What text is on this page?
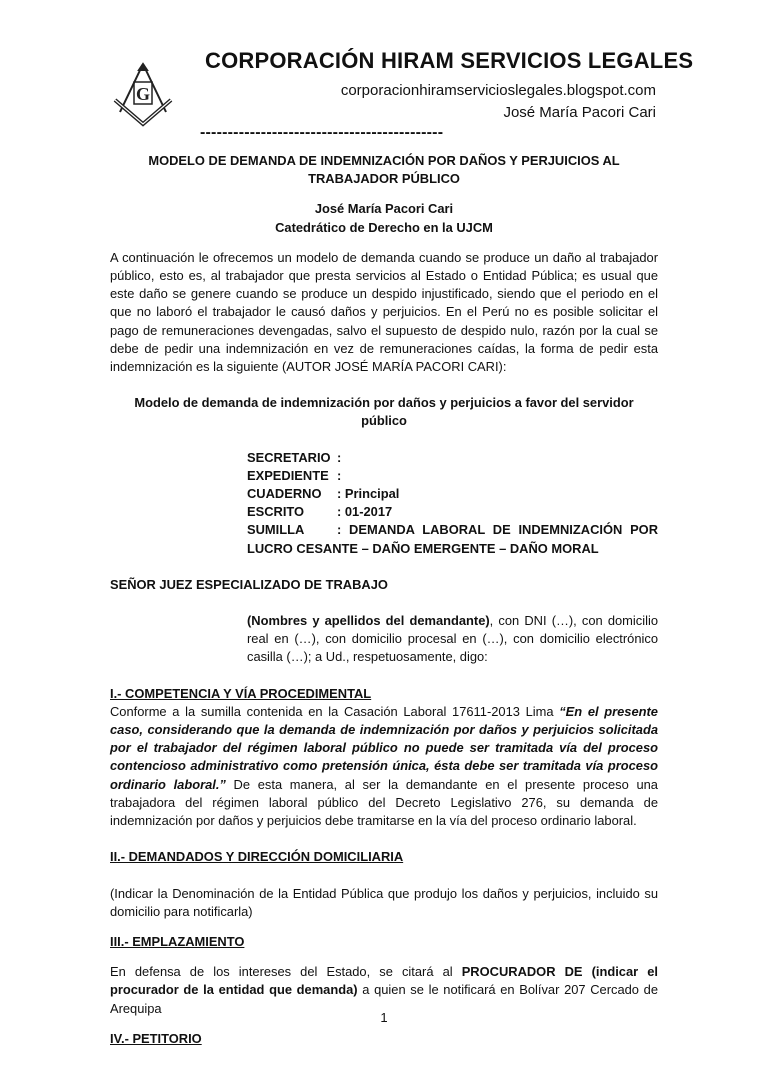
G
CORPORACIÓN HIRAM SERVICIOS LEGALES
corporacionhiramservicioslegales.blogspot.com
José María Pacori Cari
--------------------------------------------
MODELO DE DEMANDA DE INDEMNIZACIÓN POR DAÑOS Y PERJUICIOS AL TRABAJADOR PÚBLICO
José María Pacori Cari
Catedrático de Derecho en la UJCM
A continuación le ofrecemos un modelo de demanda cuando se produce un daño al trabajador público, esto es, al trabajador que presta servicios al Estado o Entidad Pública; es usual que este daño se genere cuando se produce un despido injustificado, siendo que el periodo en el que no laboró el trabajador le causó daños y perjuicios. En el Perú no es posible solicitar el pago de remuneraciones devengadas, salvo el supuesto de despido nulo, razón por la cual se debe de pedir una indemnización en vez de remuneraciones caídas, la forma de pedir esta indemnización es la siguiente (AUTOR JOSÉ MARÍA PACORI CARI):
Modelo de demanda de indemnización por daños y perjuicios a favor del servidor público
SECRETARIO :
EXPEDIENTE :
CUADERNO	: Principal
ESCRITO	: 01-2017
SUMILLA	: DEMANDA LABORAL DE INDEMNIZACIÓN POR LUCRO CESANTE – DAÑO EMERGENTE – DAÑO MORAL
SEÑOR JUEZ ESPECIALIZADO DE TRABAJO
(Nombres y apellidos del demandante), con DNI (…), con domicilio real en (…), con domicilio procesal en (…), con domicilio electrónico casilla (…); a Ud., respetuosamente, digo:
I.- COMPETENCIA Y VÍA PROCEDIMENTAL
Conforme a la sumilla contenida en la Casación Laboral 17611-2013 Lima “En el presente caso, considerando que la demanda de indemnización por daños y perjuicios solicitada por el trabajador del régimen laboral público no puede ser tramitada vía del proceso contencioso administrativo como pretensión única, ésta debe ser tramitada vía proceso ordinario laboral.” De esta manera, al ser la demandante en el presente proceso una trabajadora del régimen laboral público del Decreto Legislativo 276, su demanda de indemnización por daños y perjuicios debe tramitarse en la vía del proceso ordinario laboral.
II.- DEMANDADOS Y DIRECCIÓN DOMICILIARIA
(Indicar la Denominación de la Entidad Pública que produjo los daños y perjuicios, incluido su domicilio para notificarla)
III.- EMPLAZAMIENTO
En defensa de los intereses del Estado, se citará al PROCURADOR DE (indicar el procurador de la entidad que demanda) a quien se le notificará en Bolívar 207 Cercado de Arequipa
IV.- PETITORIO
1
